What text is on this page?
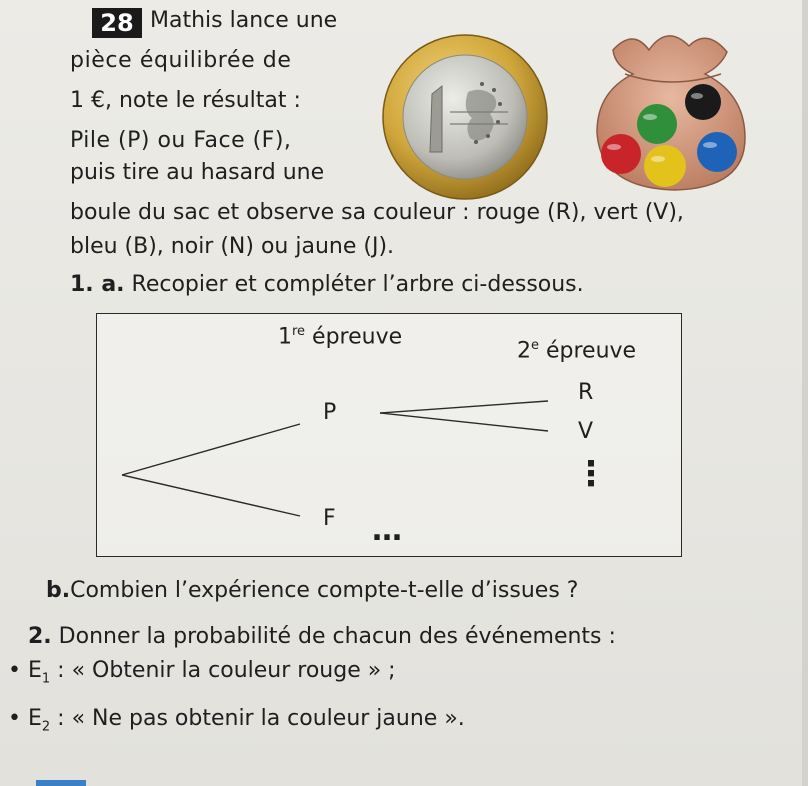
28 Mathis lance une
pièce équilibrée de
1 €, note le résultat :
Pile (P) ou Face (F),
puis tire au hasard une
boule du sac et observe sa couleur : rouge (R), vert (V),
bleu (B), noir (N) ou jaune (J).
1. a. Recopier et compléter l’arbre ci-dessous.
1re épreuve
2e épreuve
P
F
R
V
⋮
…
b.Combien l’expérience compte-t-elle d’issues ?
2. Donner la probabilité de chacun des événements :
• $E_1$ : « Obtenir la couleur rouge » ;
• $E_2$ : « Ne pas obtenir la couleur jaune ».
